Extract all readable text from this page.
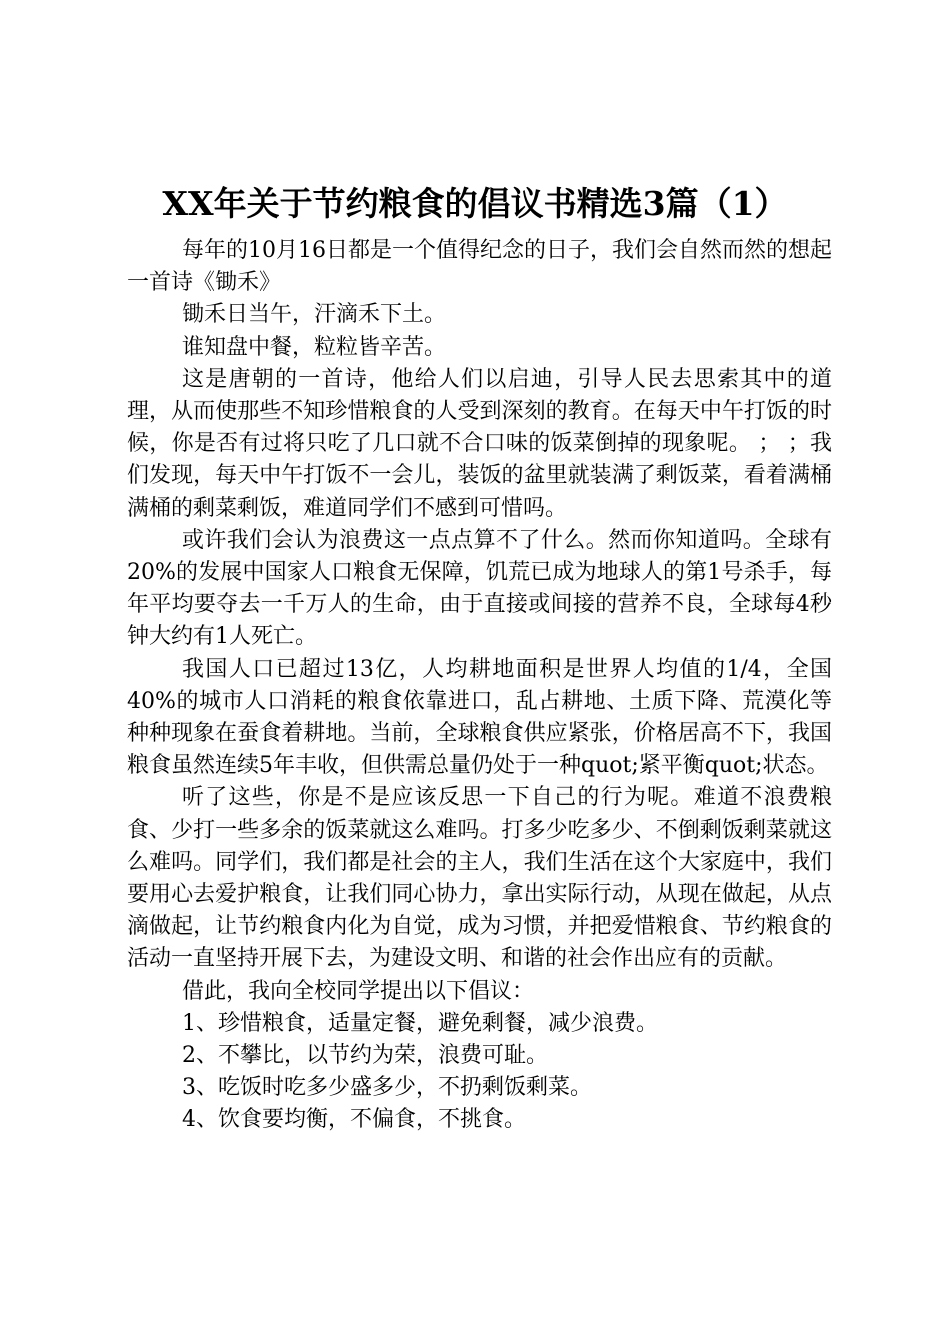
XX年关于节约粮食的倡议书精选3篇（1）

每年的10月16日都是一个值得纪念的日子，我们会自然而然的想起一首诗《锄禾》

锄禾日当午，汗滴禾下土。

谁知盘中餐，粒粒皆辛苦。

这是唐朝的一首诗，他给人们以启迪，引导人民去思索其中的道理，从而使那些不知珍惜粮食的人受到深刻的教育。在每天中午打饭的时候，你是否有过将只吃了几口就不合口味的饭菜倒掉的现象呢。 ； ；我们发现，每天中午打饭不一会儿，装饭的盆里就装满了剩饭菜，看着满桶满桶的剩菜剩饭，难道同学们不感到可惜吗。

或许我们会认为浪费这一点点算不了什么。然而你知道吗。全球有20%的发展中国家人口粮食无保障，饥荒已成为地球人的第1号杀手，每年平均要夺去一千万人的生命，由于直接或间接的营养不良，全球每4秒钟大约有1人死亡。

我国人口已超过13亿，人均耕地面积是世界人均值的1/4，全国40%的城市人口消耗的粮食依靠进口，乱占耕地、土质下降、荒漠化等种种现象在蚕食着耕地。当前，全球粮食供应紧张，价格居高不下，我国粮食虽然连续5年丰收，但供需总量仍处于一种quot;紧平衡quot;状态。

听了这些，你是不是应该反思一下自己的行为呢。难道不浪费粮食、少打一些多余的饭菜就这么难吗。打多少吃多少、不倒剩饭剩菜就这么难吗。同学们，我们都是社会的主人，我们生活在这个大家庭中，我们要用心去爱护粮食，让我们同心协力，拿出实际行动，从现在做起，从点滴做起，让节约粮食内化为自觉，成为习惯，并把爱惜粮食、节约粮食的活动一直坚持开展下去，为建设文明、和谐的社会作出应有的贡献。

借此，我向全校同学提出以下倡议：

1、珍惜粮食，适量定餐，避免剩餐，减少浪费。

2、不攀比，以节约为荣，浪费可耻。

3、吃饭时吃多少盛多少，不扔剩饭剩菜。

4、饮食要均衡，不偏食，不挑食。
